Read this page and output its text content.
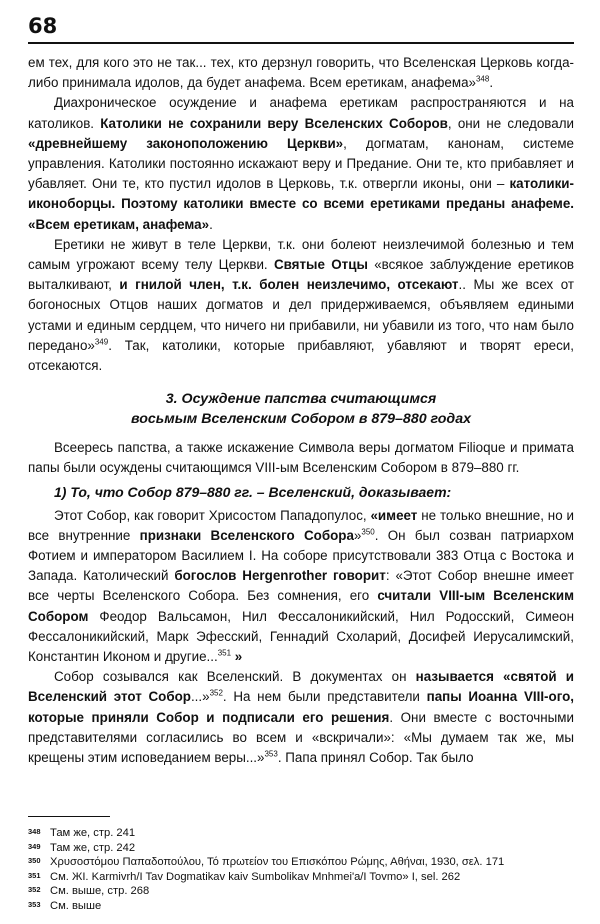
68

ем тех, для кого это не так... тех, кто дерзнул говорить, что Вселенская Церковь когда-либо принимала идолов, да будет анафема. Всем еретикам, анафема»$^{348}$.

Диахроническое осуждение и анафема еретикам распространяются и на католиков. Католики не сохранили веру Вселенских Соборов, они не следовали «древнейшему законоположению Церкви», догматам, канонам, системе управления. Католики постоянно искажают веру и Предание. Они те, кто прибавляет и убавляет. Они те, кто пустил идолов в Церковь, т.к. отвергли иконы, они – католики-иконоборцы. Поэтому католики вместе со всеми еретиками преданы анафеме. «Всем еретикам, анафема».

Еретики не живут в теле Церкви, т.к. они болеют неизлечимой болезнью и тем самым угрожают всему телу Церкви. Святые Отцы «всякое заблуждение еретиков выталкивают, и гнилой член, т.к. болен неизлечимо, отсекают.. Мы же всех от богоносных Отцов наших догматов и дел придерживаемся, объявляем едиными устами и единым сердцем, что ничего ни прибавили, ни убавили из того, что нам было передано»$^{349}$. Так, католики, которые прибавляют, убавляют и творят ереси, отсекаются.

3. Осуждение папства считающимся
восьмым Вселенским Собором в 879–880 годах

Всеересь папства, а также искажение Символа веры догматом Filioque и примата папы были осуждены считающимся VIII-ым Вселенским Собором в 879–880 гг.

1) То, что Собор 879–880 гг. – Вселенский, доказывает:

Этот Собор, как говорит Хрисостом Пападопулос, «имеет не только внешние, но и все внутренние признаки Вселенского Собора»$^{350}$. Он был созван патриархом Фотием и императором Василием I. На соборе присутствовали 383 Отца с Востока и Запада. Католический богослов Hergenrother говорит: «Этот Собор внешне имеет все черты Вселенского Собора. Без сомнения, его считали VIII-ым Вселенским Собором Феодор Вальсамон, Нил Фессалоникийский, Нил Родосский, Симеон Фессалоникийский, Марк Эфесский, Геннадий Схоларий, Досифей Иерусалимский, Константин Иконом и другие...$^{351}$ »

Собор созывался как Вселенский. В документах он называется «святой и Вселенский этот Собор...»$^{352}$. На нем были представители папы Иоанна VIII-ого, которые приняли Собор и подписали его решения. Они вместе с восточными представителями согласились во всем и «вскричали»: «Мы думаем так же, мы крещены этим исповеданием веры...»$^{353}$. Папа принял Собор. Так было

348 Там же, стр. 241
349 Там же, стр. 242
350 Χρυσοστόμου Παπαδοπούλου, Τό πρωτείον του Επισκόπου Ρώμης, Αθήναι, 1930, σελ. 171
351 См. ЖI. Karmivrh/I Tav Dogmatikav kaiv Sumbolikav Mnhmei'a/I Tovmo» I, sel. 262
352 См. выше, стр. 268
353 См. выше
